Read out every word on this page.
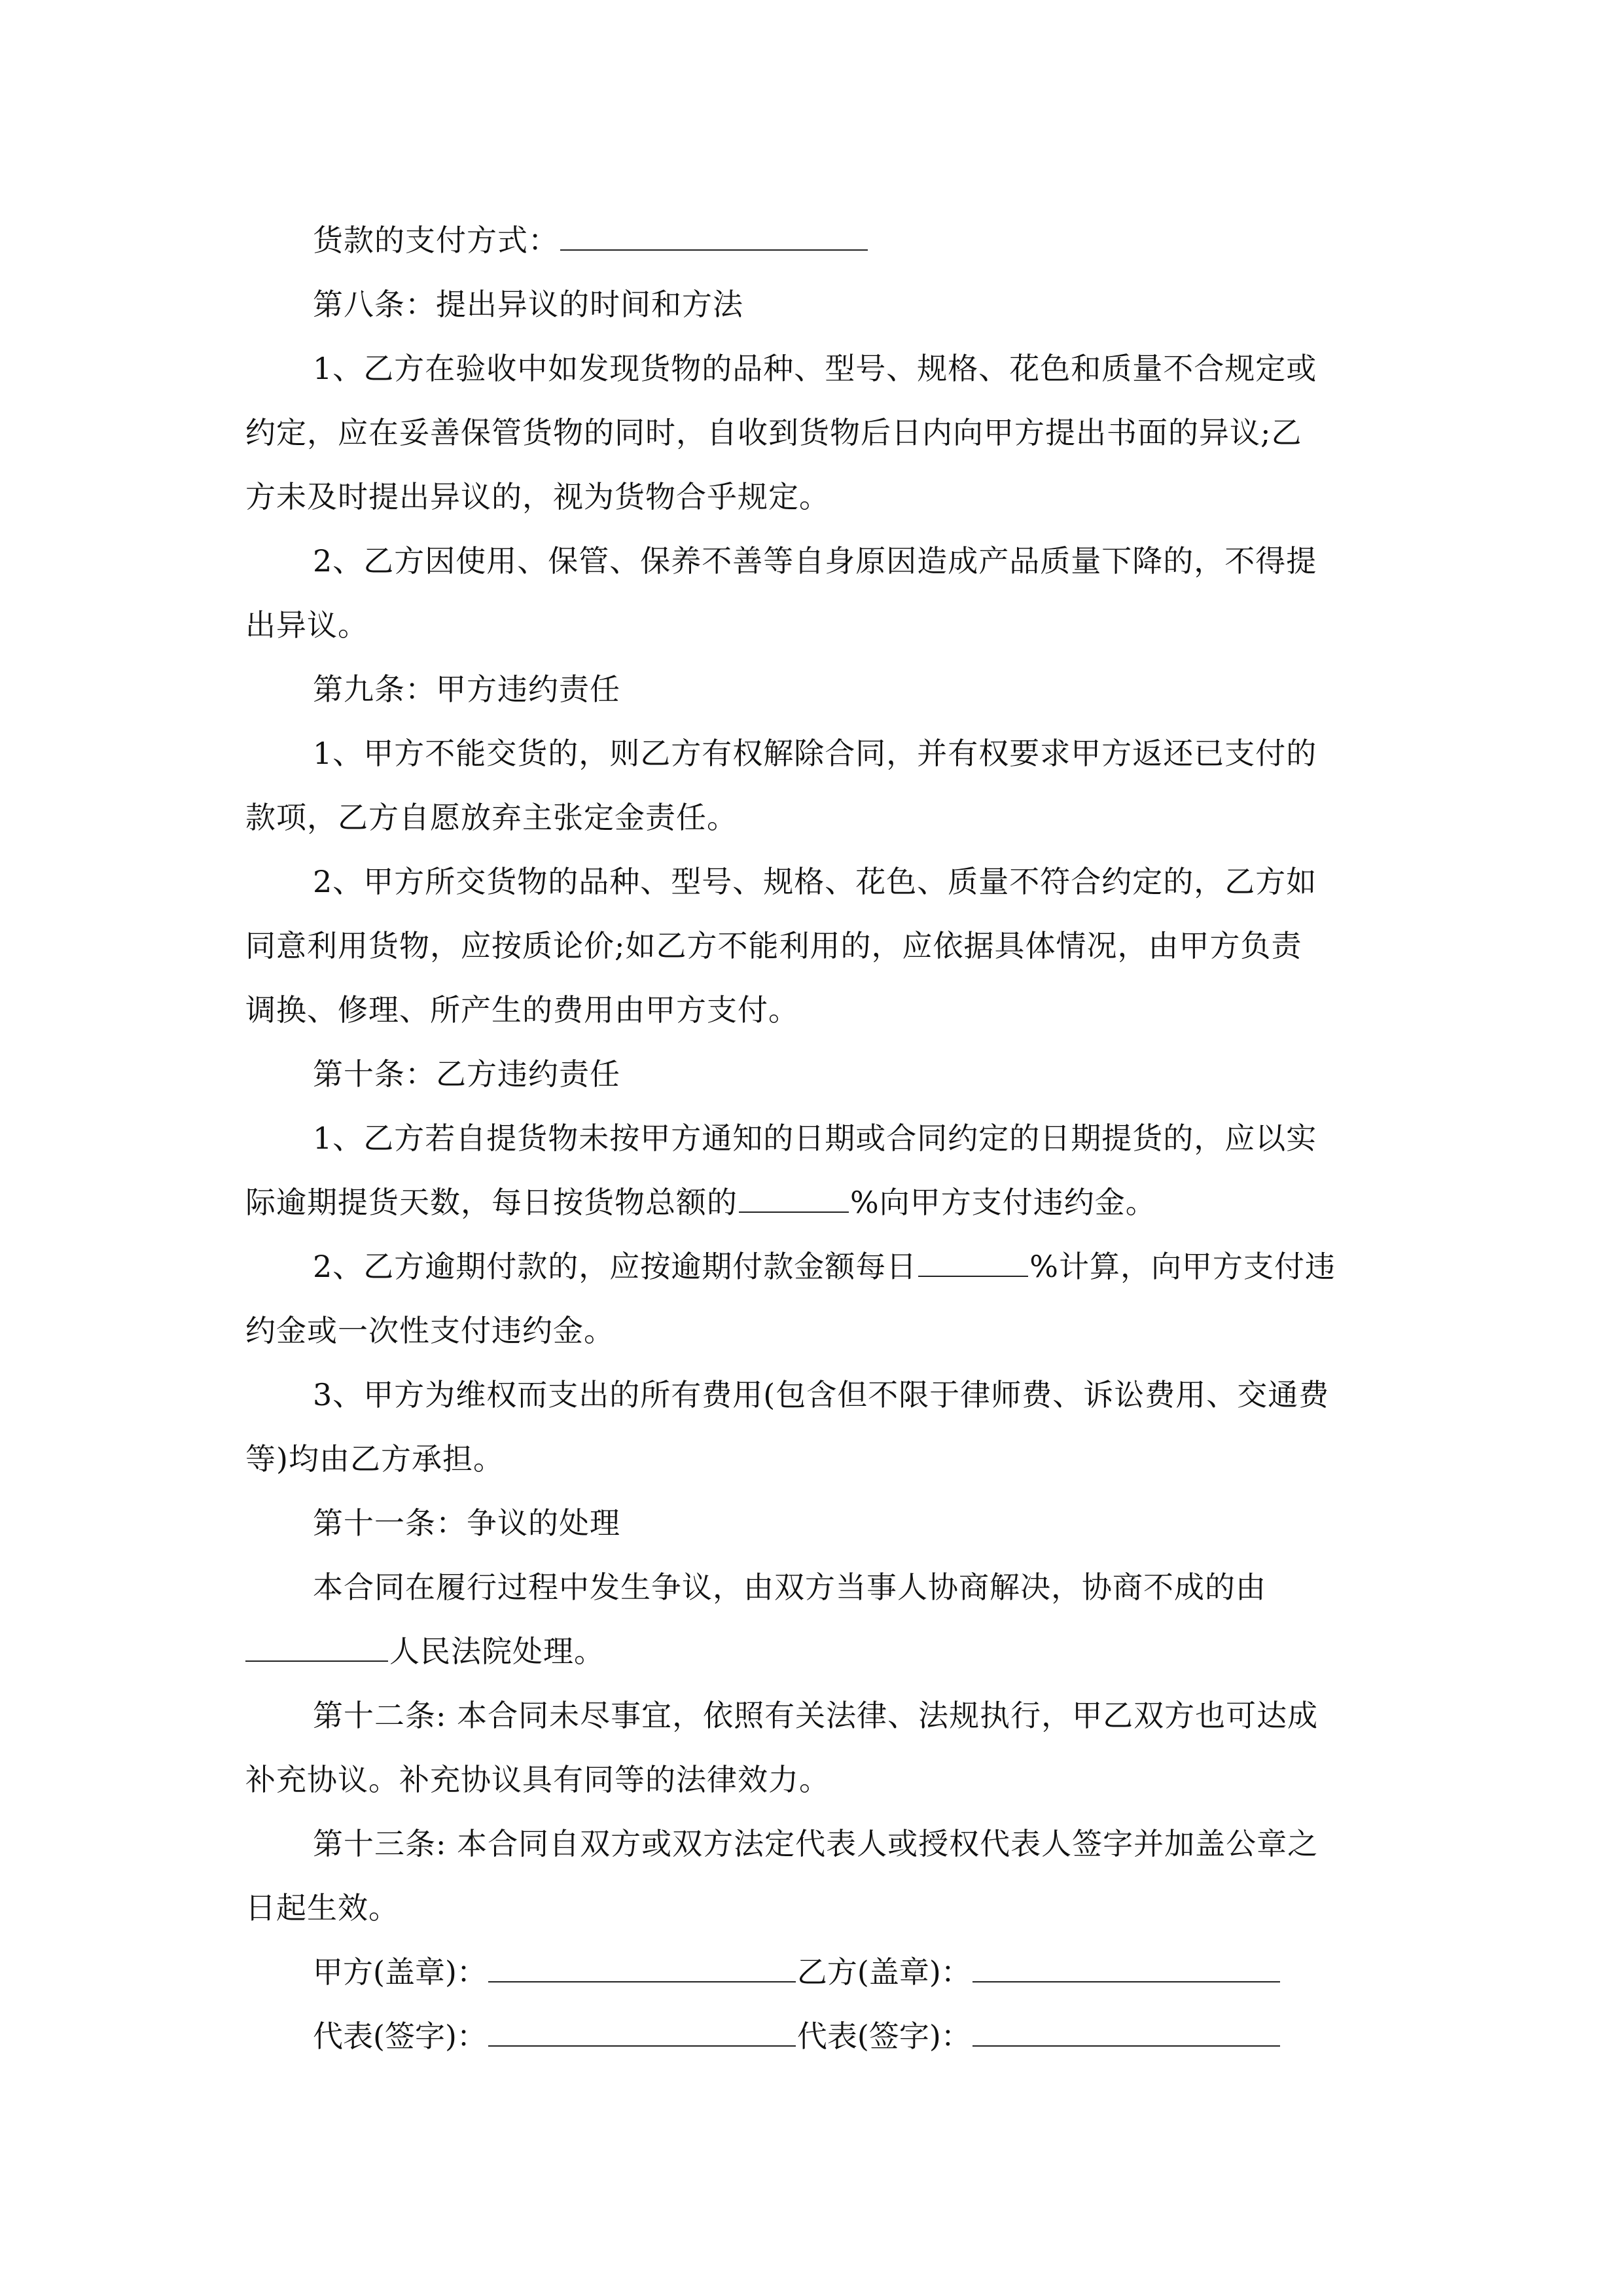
货款的支付方式：
第八条：提出异议的时间和方法
1、乙方在验收中如发现货物的品种、型号、规格、花色和质量不合规定或
约定，应在妥善保管货物的同时，自收到货物后日内向甲方提出书面的异议;乙
方未及时提出异议的，视为货物合乎规定。
2、乙方因使用、保管、保养不善等自身原因造成产品质量下降的，不得提
出异议。
第九条：甲方违约责任
1、甲方不能交货的，则乙方有权解除合同，并有权要求甲方返还已支付的
款项，乙方自愿放弃主张定金责任。
2、甲方所交货物的品种、型号、规格、花色、质量不符合约定的，乙方如
同意利用货物，应按质论价;如乙方不能利用的，应依据具体情况，由甲方负责
调换、修理、所产生的费用由甲方支付。
第十条：乙方违约责任
1、乙方若自提货物未按甲方通知的日期或合同约定的日期提货的，应以实
际逾期提货天数，每日按货物总额的	%向甲方支付违约金。
2、乙方逾期付款的，应按逾期付款金额每日	%计算，向甲方支付违
约金或一次性支付违约金。
3、甲方为维权而支出的所有费用(包含但不限于律师费、诉讼费用、交通费
等)均由乙方承担。
第十一条：争议的处理
本合同在履行过程中发生争议，由双方当事人协商解决，协商不成的由
人民法院处理。
第十二条: 本合同未尽事宜，依照有关法律、法规执行，甲乙双方也可达成
补充协议。补充协议具有同等的法律效力。
第十三条: 本合同自双方或双方法定代表人或授权代表人签字并加盖公章之
日起生效。
甲方(盖章)：	乙方(盖章)：
代表(签字)：	代表(签字)：
